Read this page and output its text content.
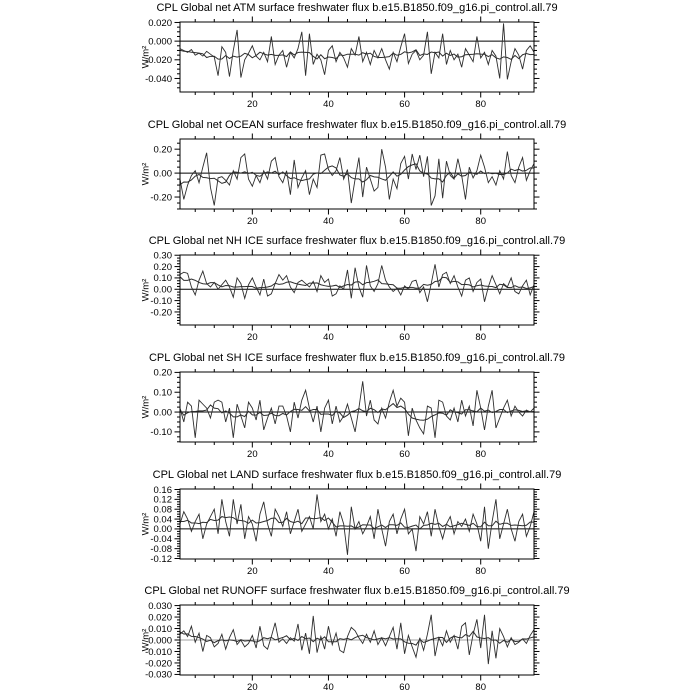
20	40	60	80
0.020
0.000
-0.020
-0.040
CPL Global net ATM surface freshwater flux b.e15.B1850.f09_g16.pi_control.all.79
W/m²
20	40	60	80
0.20
0.00
-0.20
CPL Global net OCEAN surface freshwater flux b.e15.B1850.f09_g16.pi_control.all.79
W/m²
20	40	60	80
0.30
0.20
0.10
0.00
-0.10
-0.20
CPL Global net NH ICE surface freshwater flux b.e15.B1850.f09_g16.pi_control.all.79
W/m²
20	40	60	80
0.20
0.10
0.00
-0.10
CPL Global net SH ICE surface freshwater flux b.e15.B1850.f09_g16.pi_control.all.79
W/m²
20	40	60	80
0.16
0.12
0.08
0.04
0.00
-0.04
-0.08
-0.12
CPL Global net LAND surface freshwater flux b.e15.B1850.f09_g16.pi_control.all.79
W/m²
20	40	60	80
0.030
0.020
0.010
0.000
-0.010
-0.020
-0.030
CPL Global net RUNOFF surface freshwater flux b.e15.B1850.f09_g16.pi_control.all.79
W/m²
